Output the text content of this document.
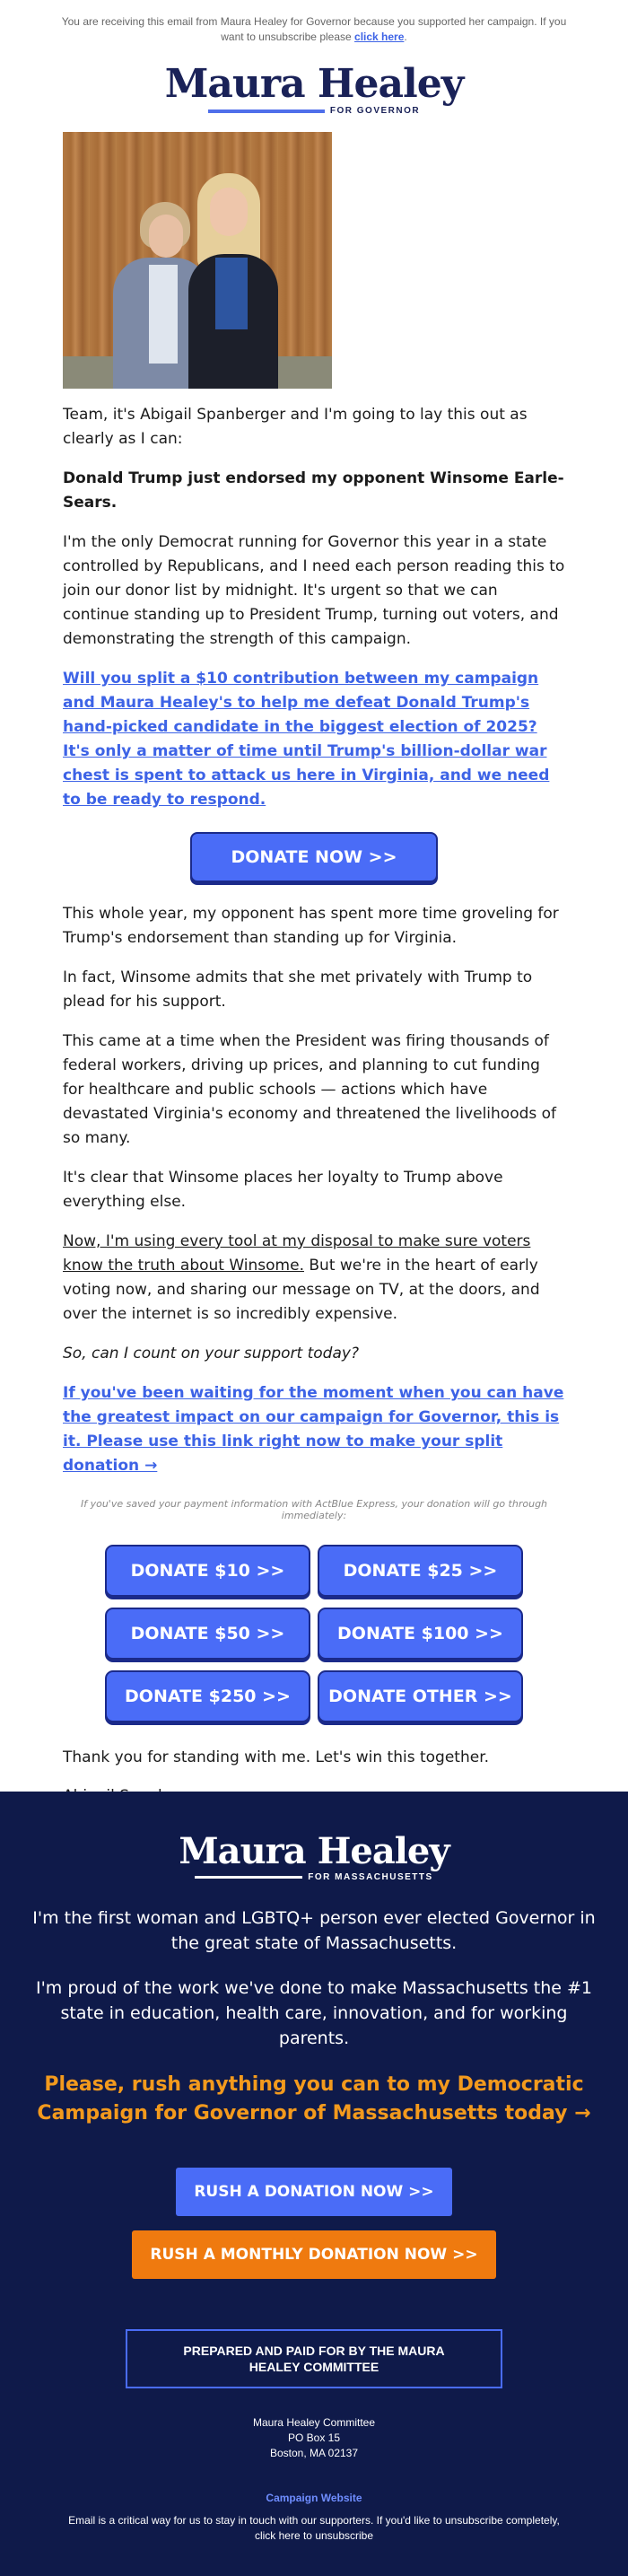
You are receiving this email from Maura Healey for Governor because you supported her campaign. If you want to unsubscribe please click here.
Maura Healey
FOR GOVERNOR

Team, it's Abigail Spanberger and I'm going to lay this out as clearly as I can:

Donald Trump just endorsed my opponent Winsome Earle-Sears.

I'm the only Democrat running for Governor this year in a state controlled by Republicans, and I need each person reading this to join our donor list by midnight. It's urgent so that we can continue standing up to President Trump, turning out voters, and demonstrating the strength of this campaign.

Will you split a $10 contribution between my campaign and Maura Healey's to help me defeat Donald Trump's hand-picked candidate in the biggest election of 2025? It's only a matter of time until Trump's billion-dollar war chest is spent to attack us here in Virginia, and we need to be ready to respond.

DONATE NOW >>

This whole year, my opponent has spent more time groveling for Trump's endorsement than standing up for Virginia.

In fact, Winsome admits that she met privately with Trump to plead for his support.

This came at a time when the President was firing thousands of federal workers, driving up prices, and planning to cut funding for healthcare and public schools — actions which have devastated Virginia's economy and threatened the livelihoods of so many.

It's clear that Winsome places her loyalty to Trump above everything else.

Now, I'm using every tool at my disposal to make sure voters know the truth about Winsome. But we're in the heart of early voting now, and sharing our message on TV, at the doors, and over the internet is so incredibly expensive.

So, can I count on your support today?

If you've been waiting for the moment when you can have the greatest impact on our campaign for Governor, this is it. Please use this link right now to make your split donation →

If you've saved your payment information with ActBlue Express, your donation will go through immediately:
DONATE $10 >>	DONATE $25 >>
DONATE $50 >>	DONATE $100 >>
DONATE $250 >>	DONATE OTHER >>

Thank you for standing with me. Let's win this together.

Maura Healey
FOR MASSACHUSETTS

I'm the first woman and LGBTQ+ person ever elected Governor in the great state of Massachusetts.

I'm proud of the work we've done to make Massachusetts the #1 state in education, health care, innovation, and for working parents.

Please, rush anything you can to my Democratic Campaign for Governor of Massachusetts today →

RUSH A DONATION NOW >>
RUSH A MONTHLY DONATION NOW >>
PREPARED AND PAID FOR BY THE MAURA HEALEY COMMITTEE
Maura Healey Committee
PO Box 15
Boston, MA 02137
Campaign Website
Email is a critical way for us to stay in touch with our supporters. If you'd like to unsubscribe completely, click here to unsubscribe
